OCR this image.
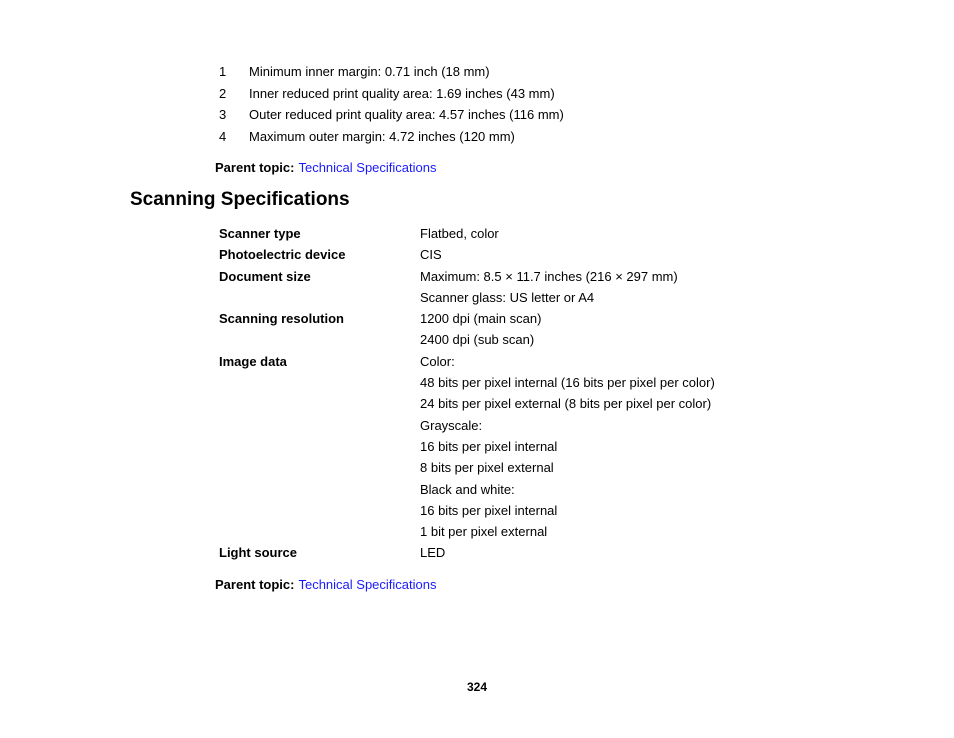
1	Minimum inner margin: 0.71 inch (18 mm)
2	Inner reduced print quality area: 1.69 inches (43 mm)
3	Outer reduced print quality area: 4.57 inches (116 mm)
4	Maximum outer margin: 4.72 inches (120 mm)
Parent topic: Technical Specifications
Scanning Specifications
Scanner type	Flatbed, color
Photoelectric device	CIS
Document size	Maximum: 8.5 × 11.7 inches (216 × 297 mm)
Scanner glass: US letter or A4
Scanning resolution	1200 dpi (main scan)
2400 dpi (sub scan)
Image data	Color:
48 bits per pixel internal (16 bits per pixel per color)
24 bits per pixel external (8 bits per pixel per color)
Grayscale:
16 bits per pixel internal
8 bits per pixel external
Black and white:
16 bits per pixel internal
1 bit per pixel external
Light source	LED
Parent topic: Technical Specifications
324
